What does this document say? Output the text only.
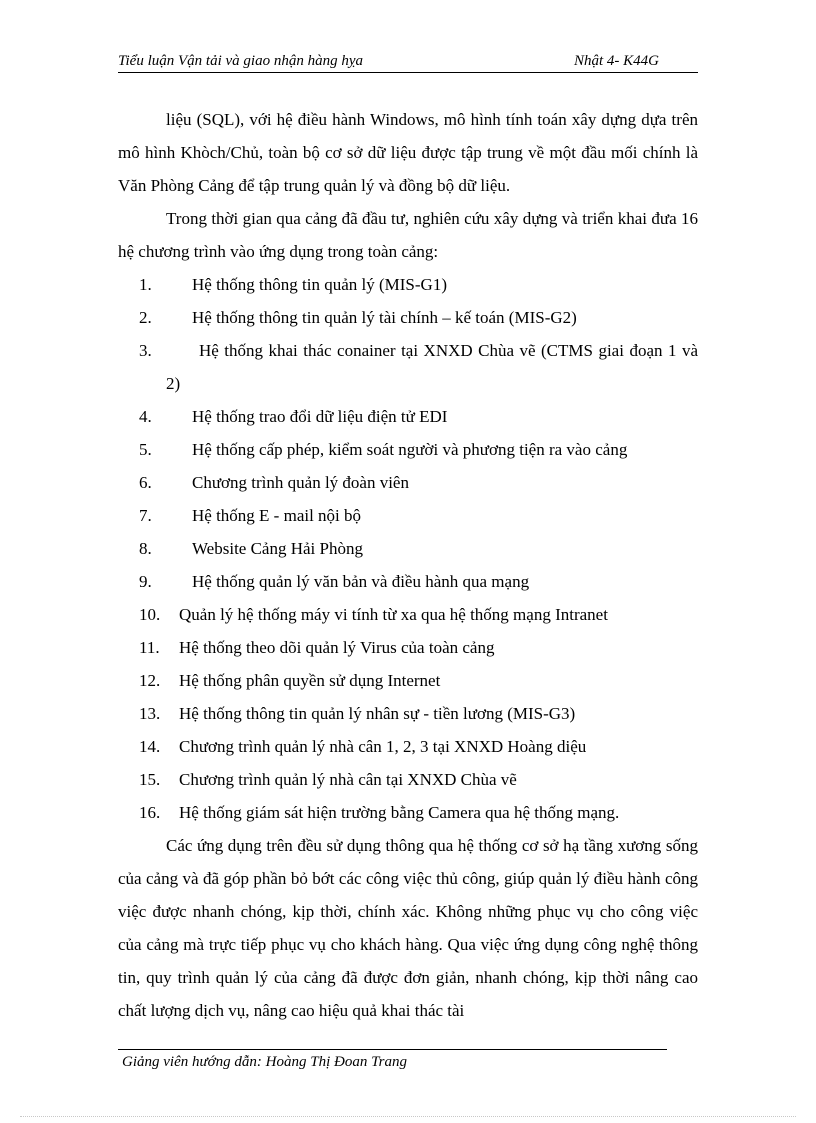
Tiểu luận Vận tải và giao nhận hàng hỵa	Nhật 4- K44G

liệu (SQL), với hệ điều hành Windows, mô hình tính toán xây dựng dựa trên mô hình Khòch/Chủ, toàn bộ cơ sở dữ liệu được tập trung về một đầu mối chính là Văn Phòng Cảng để tập trung quản lý và đồng bộ dữ liệu.

Trong thời gian qua cảng đã đầu tư, nghiên cứu xây dựng và triển khai đưa 16 hệ chương trình vào ứng dụng trong toàn cảng:

1. Hệ thống thông tin quản lý (MIS-G1)
2. Hệ thống thông tin quản lý tài chính – kế toán (MIS-G2)
3.	Hệ thống khai thác conainer tại XNXD Chùa vẽ (CTMS giai đoạn 1 và 2)
4. Hệ thống trao đổi dữ liệu điện tử EDI
5. Hệ thống cấp phép, kiểm soát người và phương tiện ra vào cảng
6. Chương trình quản lý đoàn viên
7. Hệ thống E - mail nội bộ
8. Website Cảng Hải Phòng
9. Hệ thống quản lý văn bản và điều hành qua mạng
10. Quản lý hệ thống máy vi tính từ xa qua hệ thống mạng Intranet
11. Hệ thống theo dõi quản lý Virus của toàn cảng
12. Hệ thống phân quyền sử dụng Internet
13. Hệ thống thông tin quản lý nhân sự - tiền lương (MIS-G3)
14. Chương trình quản lý nhà cân 1, 2, 3 tại XNXD Hoàng diệu
15. Chương trình quản lý nhà cân tại XNXD Chùa vẽ
16. Hệ thống giám sát hiện trường bằng Camera qua hệ thống mạng.

Các ứng dụng trên đều sử dụng thông qua hệ thống cơ sở hạ tầng xương sống của cảng và đã góp phần bỏ bớt các công việc thủ công, giúp quản lý điều hành công việc được nhanh chóng, kịp thời, chính xác. Không những phục vụ cho công việc của cảng mà trực tiếp phục vụ cho khách hàng. Qua việc ứng dụng công nghệ thông tin, quy trình quản lý của cảng đã được đơn giản, nhanh chóng, kịp thời nâng cao chất lượng dịch vụ, nâng cao hiệu quả khai thác tài

Giảng viên hướng dẫn: Hoàng Thị Đoan Trang
